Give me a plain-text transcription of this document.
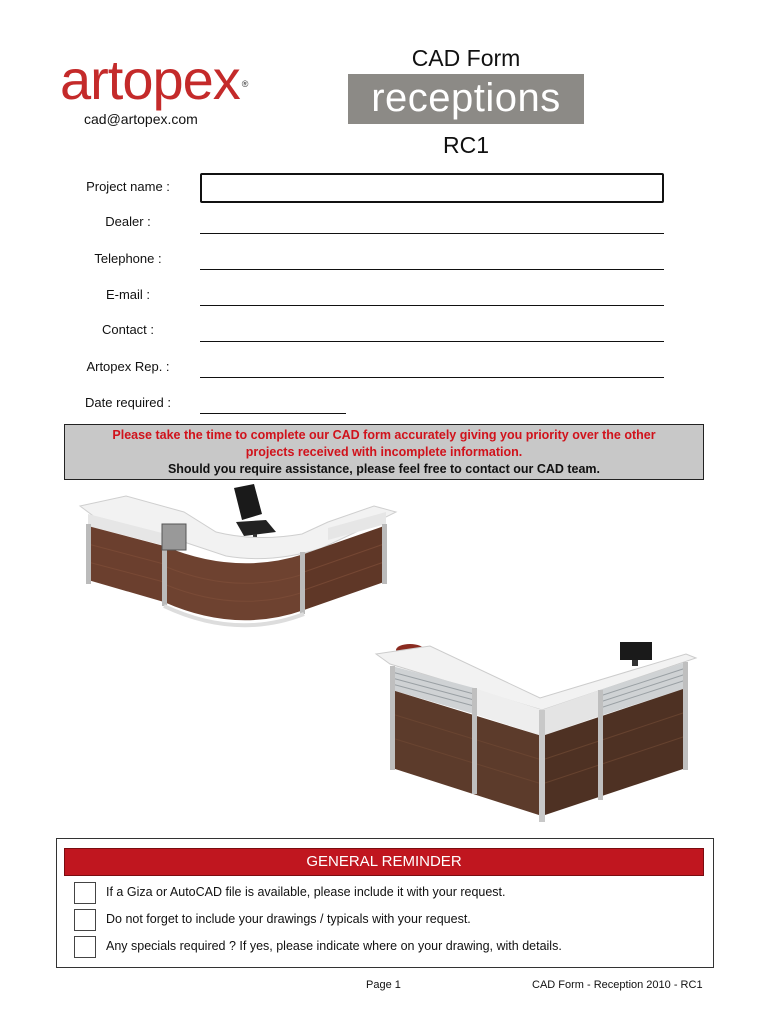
artopex ®
cad@artopex.com
CAD Form
receptions
RC1
Project name :
Dealer :
Telephone :
E-mail :
Contact :
Artopex Rep. :
Date required :
Please take the time to complete our CAD form accurately giving you priority over the other
projects received with incomplete information.
Should you require assistance, please feel free to contact our CAD team.
GENERAL REMINDER
If a Giza or AutoCAD file is available, please include it with your request.
Do not forget to include your drawings / typicals with your request.
Any specials required ? If yes, please indicate where on your drawing, with details.
Page 1	CAD Form - Reception 2010 - RC1
